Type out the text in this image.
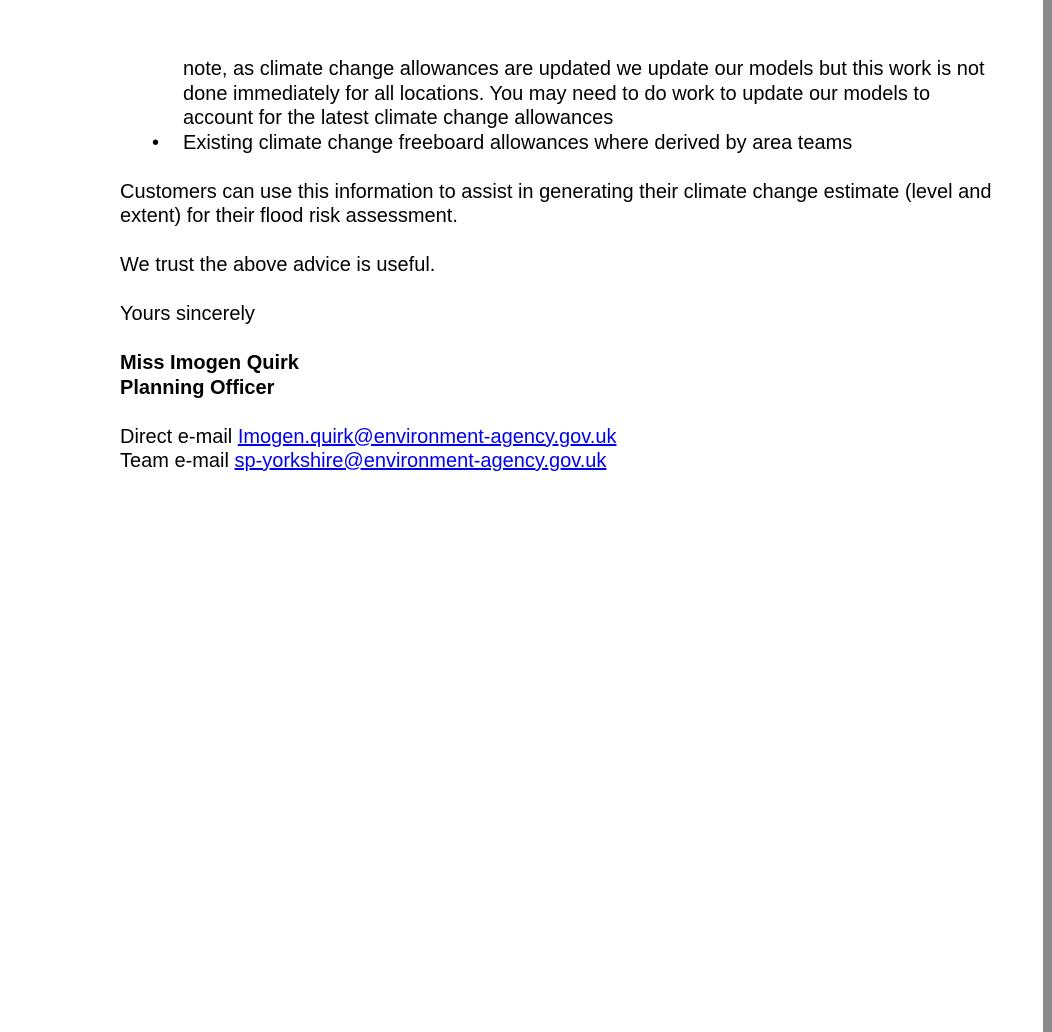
note, as climate change allowances are updated we update our models but this work is not done immediately for all locations. You may need to do work to update our models to account for the latest climate change allowances

• Existing climate change freeboard allowances where derived by area teams

Customers can use this information to assist in generating their climate change estimate (level and extent) for their flood risk assessment.

We trust the above advice is useful.

Yours sincerely

Miss Imogen Quirk

Planning Officer

Direct e-mail Imogen.quirk@environment-agency.gov.uk

Team e-mail sp-yorkshire@environment-agency.gov.uk
